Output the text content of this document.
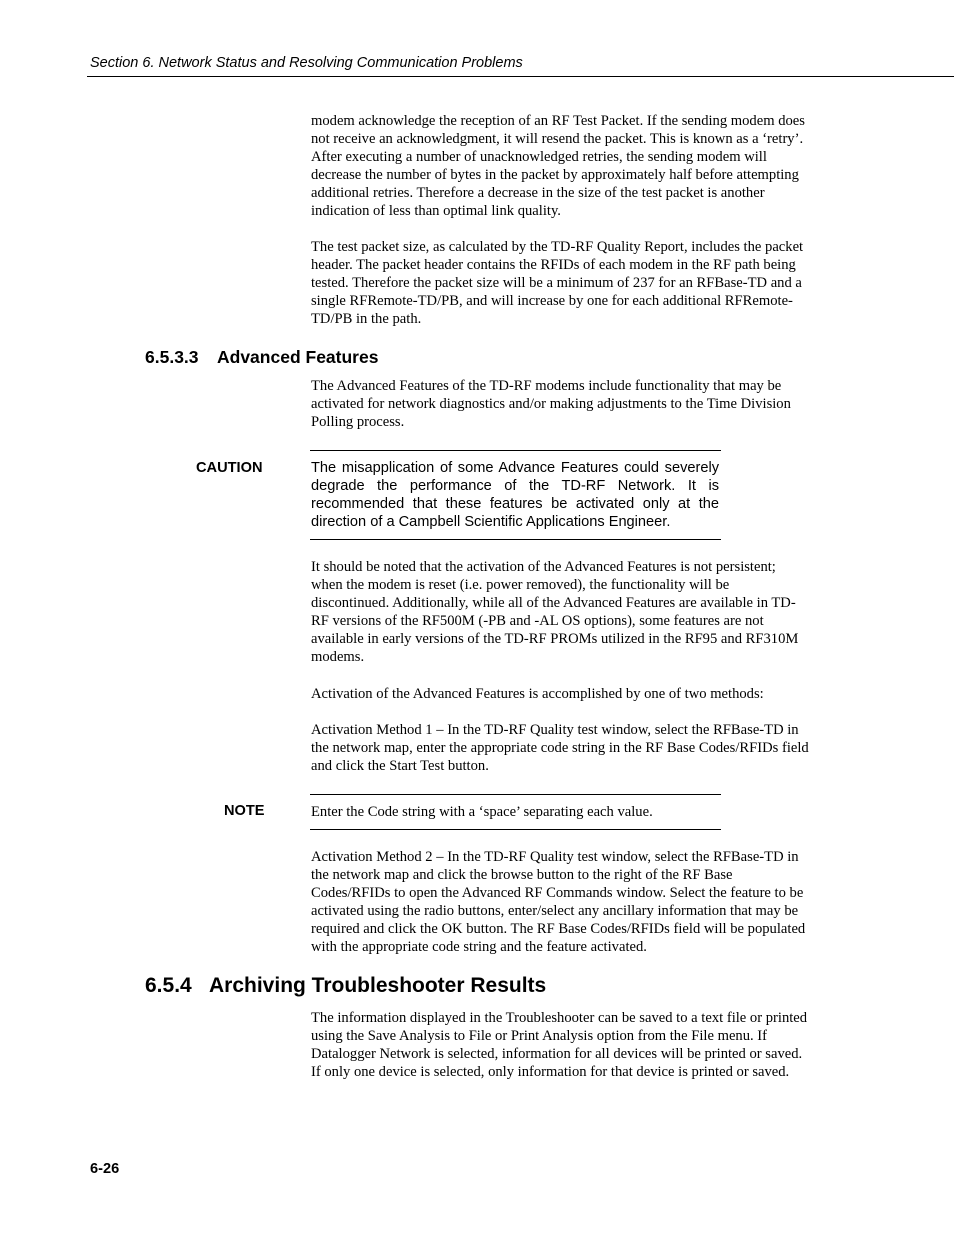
Section 6. Network Status and Resolving Communication Problems

modem acknowledge the reception of an RF Test Packet. If the sending modem does not receive an acknowledgment, it will resend the packet. This is known as a ‘retry’. After executing a number of unacknowledged retries, the sending modem will decrease the number of bytes in the packet by approximately half before attempting additional retries. Therefore a decrease in the size of the test packet is another indication of less than optimal link quality.

The test packet size, as calculated by the TD-RF Quality Report, includes the packet header. The packet header contains the RFIDs of each modem in the RF path being tested. Therefore the packet size will be a minimum of 237 for an RFBase-TD and a single RFRemote-TD/PB, and will increase by one for each additional RFRemote-TD/PB in the path.

6.5.3.3 Advanced Features

The Advanced Features of the TD-RF modems include functionality that may be activated for network diagnostics and/or making adjustments to the Time Division Polling process.

CAUTION	The misapplication of some Advance Features could severely degrade the performance of the TD-RF Network. It is recommended that these features be activated only at the direction of a Campbell Scientific Applications Engineer.

It should be noted that the activation of the Advanced Features is not persistent; when the modem is reset (i.e. power removed), the functionality will be discontinued. Additionally, while all of the Advanced Features are available in TD-RF versions of the RF500M (-PB and -AL OS options), some features are not available in early versions of the TD-RF PROMs utilized in the RF95 and RF310M modems.

Activation of the Advanced Features is accomplished by one of two methods:

Activation Method 1 – In the TD-RF Quality test window, select the RFBase-TD in the network map, enter the appropriate code string in the RF Base Codes/RFIDs field and click the Start Test button.

NOTE	Enter the Code string with a ‘space’ separating each value.

Activation Method 2 – In the TD-RF Quality test window, select the RFBase-TD in the network map and click the browse button to the right of the RF Base Codes/RFIDs to open the Advanced RF Commands window. Select the feature to be activated using the radio buttons, enter/select any ancillary information that may be required and click the OK button. The RF Base Codes/RFIDs field will be populated with the appropriate code string and the feature activated.

6.5.4 Archiving Troubleshooter Results

The information displayed in the Troubleshooter can be saved to a text file or printed using the Save Analysis to File or Print Analysis option from the File menu. If Datalogger Network is selected, information for all devices will be printed or saved. If only one device is selected, only information for that device is printed or saved.

6-26
